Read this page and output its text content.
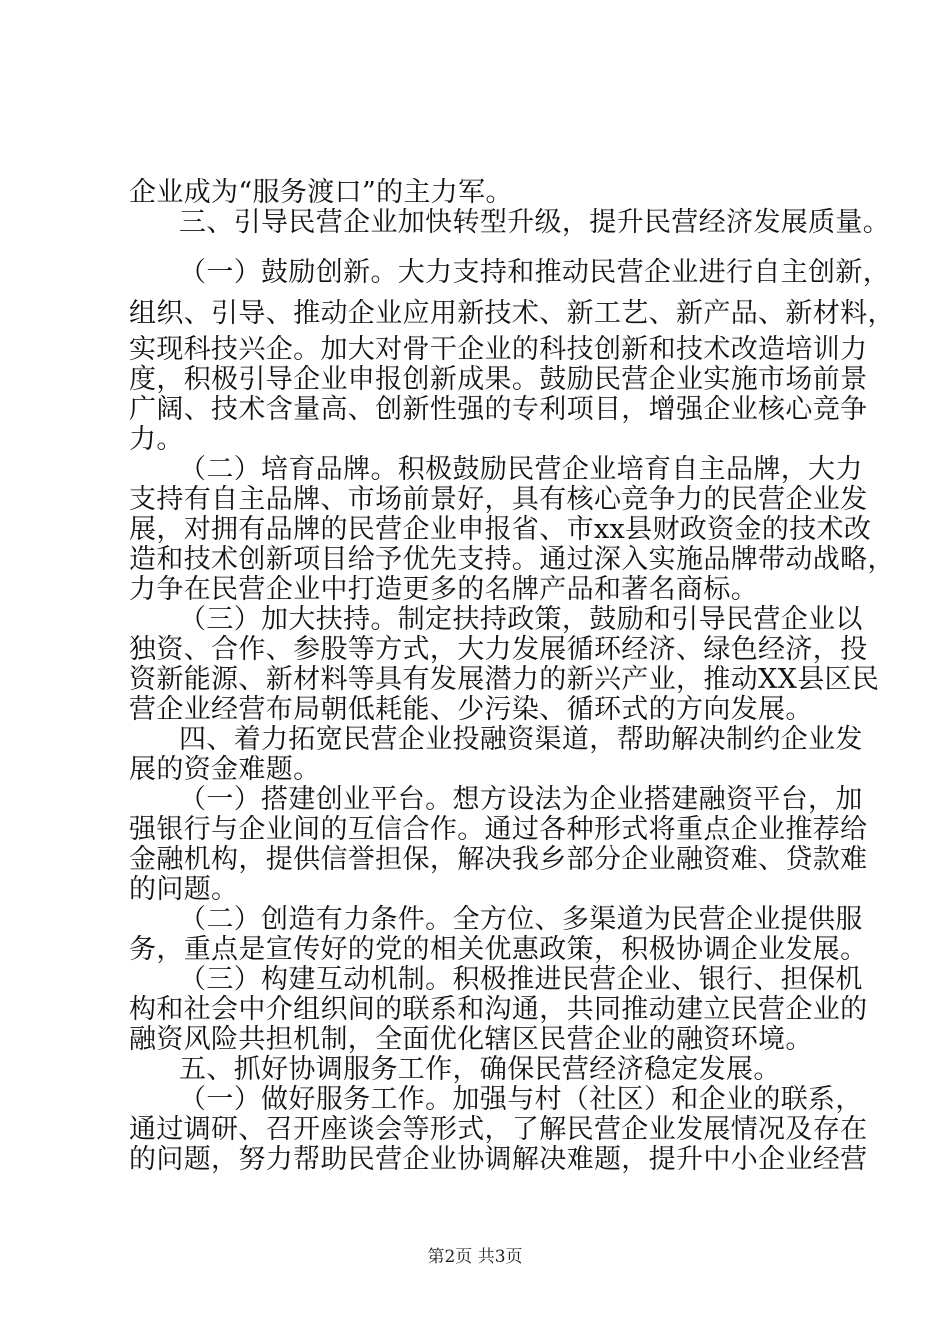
企业成为“服务渡口”的主力军。

三、引导民营企业加快转型升级，提升民营经济发展质量。

（一）鼓励创新。大力支持和推动民营企业进行自主创新，

组织、引导、推动企业应用新技术、新工艺、新产品、新材料，

实现科技兴企。加大对骨干企业的科技创新和技术改造培训力

度，积极引导企业申报创新成果。鼓励民营企业实施市场前景

广阔、技术含量高、创新性强的专利项目，增强企业核心竞争

力。

（二）培育品牌。积极鼓励民营企业培育自主品牌，大力

支持有自主品牌、市场前景好，具有核心竞争力的民营企业发

展，对拥有品牌的民营企业申报省、市xx县财政资金的技术改

造和技术创新项目给予优先支持。通过深入实施品牌带动战略，

力争在民营企业中打造更多的名牌产品和著名商标。

（三）加大扶持。制定扶持政策，鼓励和引导民营企业以

独资、合作、参股等方式，大力发展循环经济、绿色经济，投

资新能源、新材料等具有发展潜力的新兴产业，推动XX县区民

营企业经营布局朝低耗能、少污染、循环式的方向发展。

四、着力拓宽民营企业投融资渠道，帮助解决制约企业发

展的资金难题。

（一）搭建创业平台。想方设法为企业搭建融资平台，加

强银行与企业间的互信合作。通过各种形式将重点企业推荐给

金融机构，提供信誉担保，解决我乡部分企业融资难、贷款难

的问题。

（二）创造有力条件。全方位、多渠道为民营企业提供服

务，重点是宣传好的党的相关优惠政策，积极协调企业发展。

（三）构建互动机制。积极推进民营企业、银行、担保机

构和社会中介组织间的联系和沟通，共同推动建立民营企业的

融资风险共担机制，全面优化辖区民营企业的融资环境。

五、抓好协调服务工作，确保民营经济稳定发展。

（一）做好服务工作。加强与村（社区）和企业的联系，

通过调研、召开座谈会等形式，了解民营企业发展情况及存在

的问题，努力帮助民营企业协调解决难题，提升中小企业经营

第2页 共3页
